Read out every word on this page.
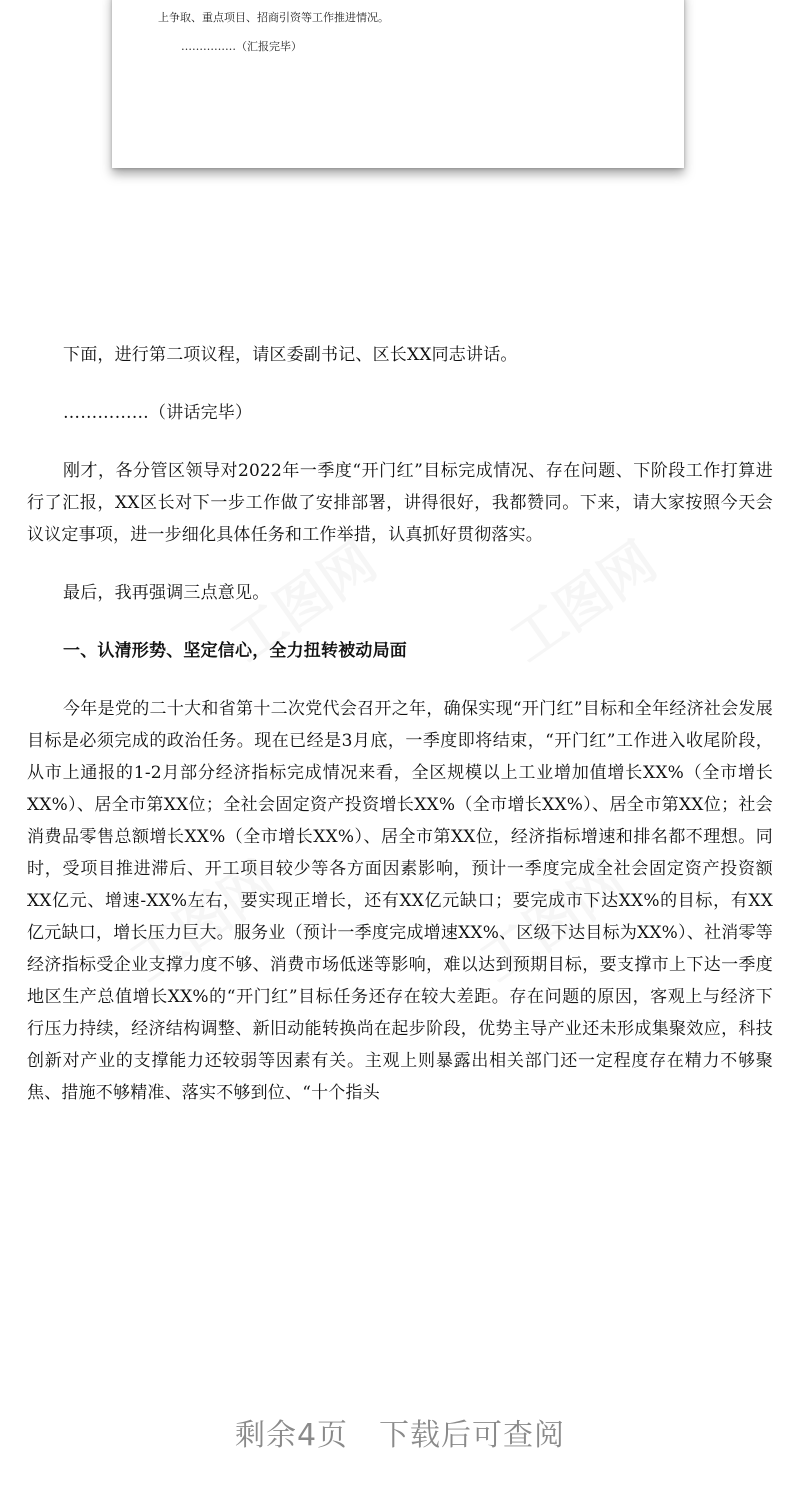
上争取、重点项目、招商引资等工作推进情况。
……………（汇报完毕）

下面，进行第二项议程，请区委副书记、区长XX同志讲话。

……………（讲话完毕）

刚才，各分管区领导对2022年一季度“开门红”目标完成情况、存在问题、下阶段工作打算进行了汇报，XX区长对下一步工作做了安排部署，讲得很好，我都赞同。下来，请大家按照今天会议议定事项，进一步细化具体任务和工作举措，认真抓好贯彻落实。

最后，我再强调三点意见。

一、认清形势、坚定信心，全力扭转被动局面

今年是党的二十大和省第十二次党代会召开之年，确保实现“开门红”目标和全年经济社会发展目标是必须完成的政治任务。现在已经是3月底，一季度即将结束，“开门红”工作进入收尾阶段，从市上通报的1-2月部分经济指标完成情况来看，全区规模以上工业增加值增长XX%（全市增长XX%）、居全市第XX位；全社会固定资产投资增长XX%（全市增长XX%）、居全市第XX位；社会消费品零售总额增长XX%（全市增长XX%）、居全市第XX位，经济指标增速和排名都不理想。同时，受项目推进滞后、开工项目较少等各方面因素影响，预计一季度完成全社会固定资产投资额XX亿元、增速-XX%左右，要实现正增长，还有XX亿元缺口；要完成市下达XX%的目标，有XX亿元缺口，增长压力巨大。服务业（预计一季度完成增速XX%、区级下达目标为XX%）、社消零等经济指标受企业支撑力度不够、消费市场低迷等影响，难以达到预期目标，要支撑市上下达一季度地区生产总值增长XX%的“开门红”目标任务还存在较大差距。存在问题的原因，客观上与经济下行压力持续，经济结构调整、新旧动能转换尚在起步阶段，优势主导产业还未形成集聚效应，科技创新对产业的支撑能力还较弱等因素有关。主观上则暴露出相关部门还一定程度存在精力不够聚焦、措施不够精准、落实不够到位、“十个指头

剩余4页　下载后可查阅
